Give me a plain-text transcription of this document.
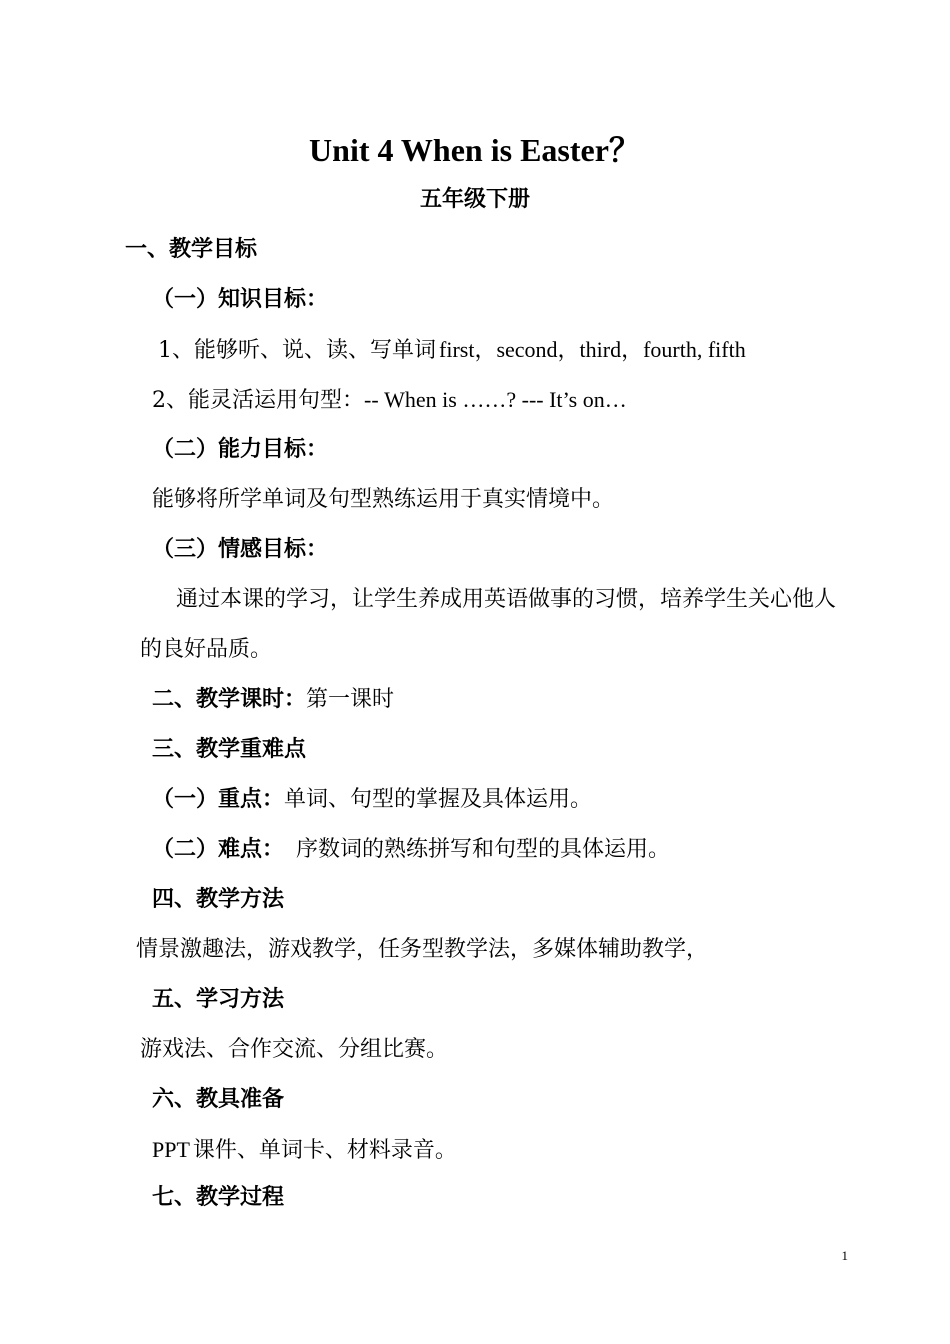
Unit 4 When is Easter？
五年级下册
一、教学目标
（一）知识目标：
1、能够听、说、读、写单词 first，second，third，fourth, fifth
2、能灵活运用句型：-- When is ……? --- It’s on…
（二）能力目标：
能够将所学单词及句型熟练运用于真实情境中。
（三）情感目标：
通过本课的学习，让学生养成用英语做事的习惯，培养学生关心他人的良好品质。
二、教学课时：第一课时
三、教学重难点
（一）重点：单词、句型的掌握及具体运用。
（二）难点： 序数词的熟练拼写和句型的具体运用。
四、教学方法
情景激趣法，游戏教学，任务型教学法，多媒体辅助教学，
五、学习方法
游戏法、合作交流、分组比赛。
六、教具准备
PPT 课件、单词卡、材料录音。
七、教学过程
1
